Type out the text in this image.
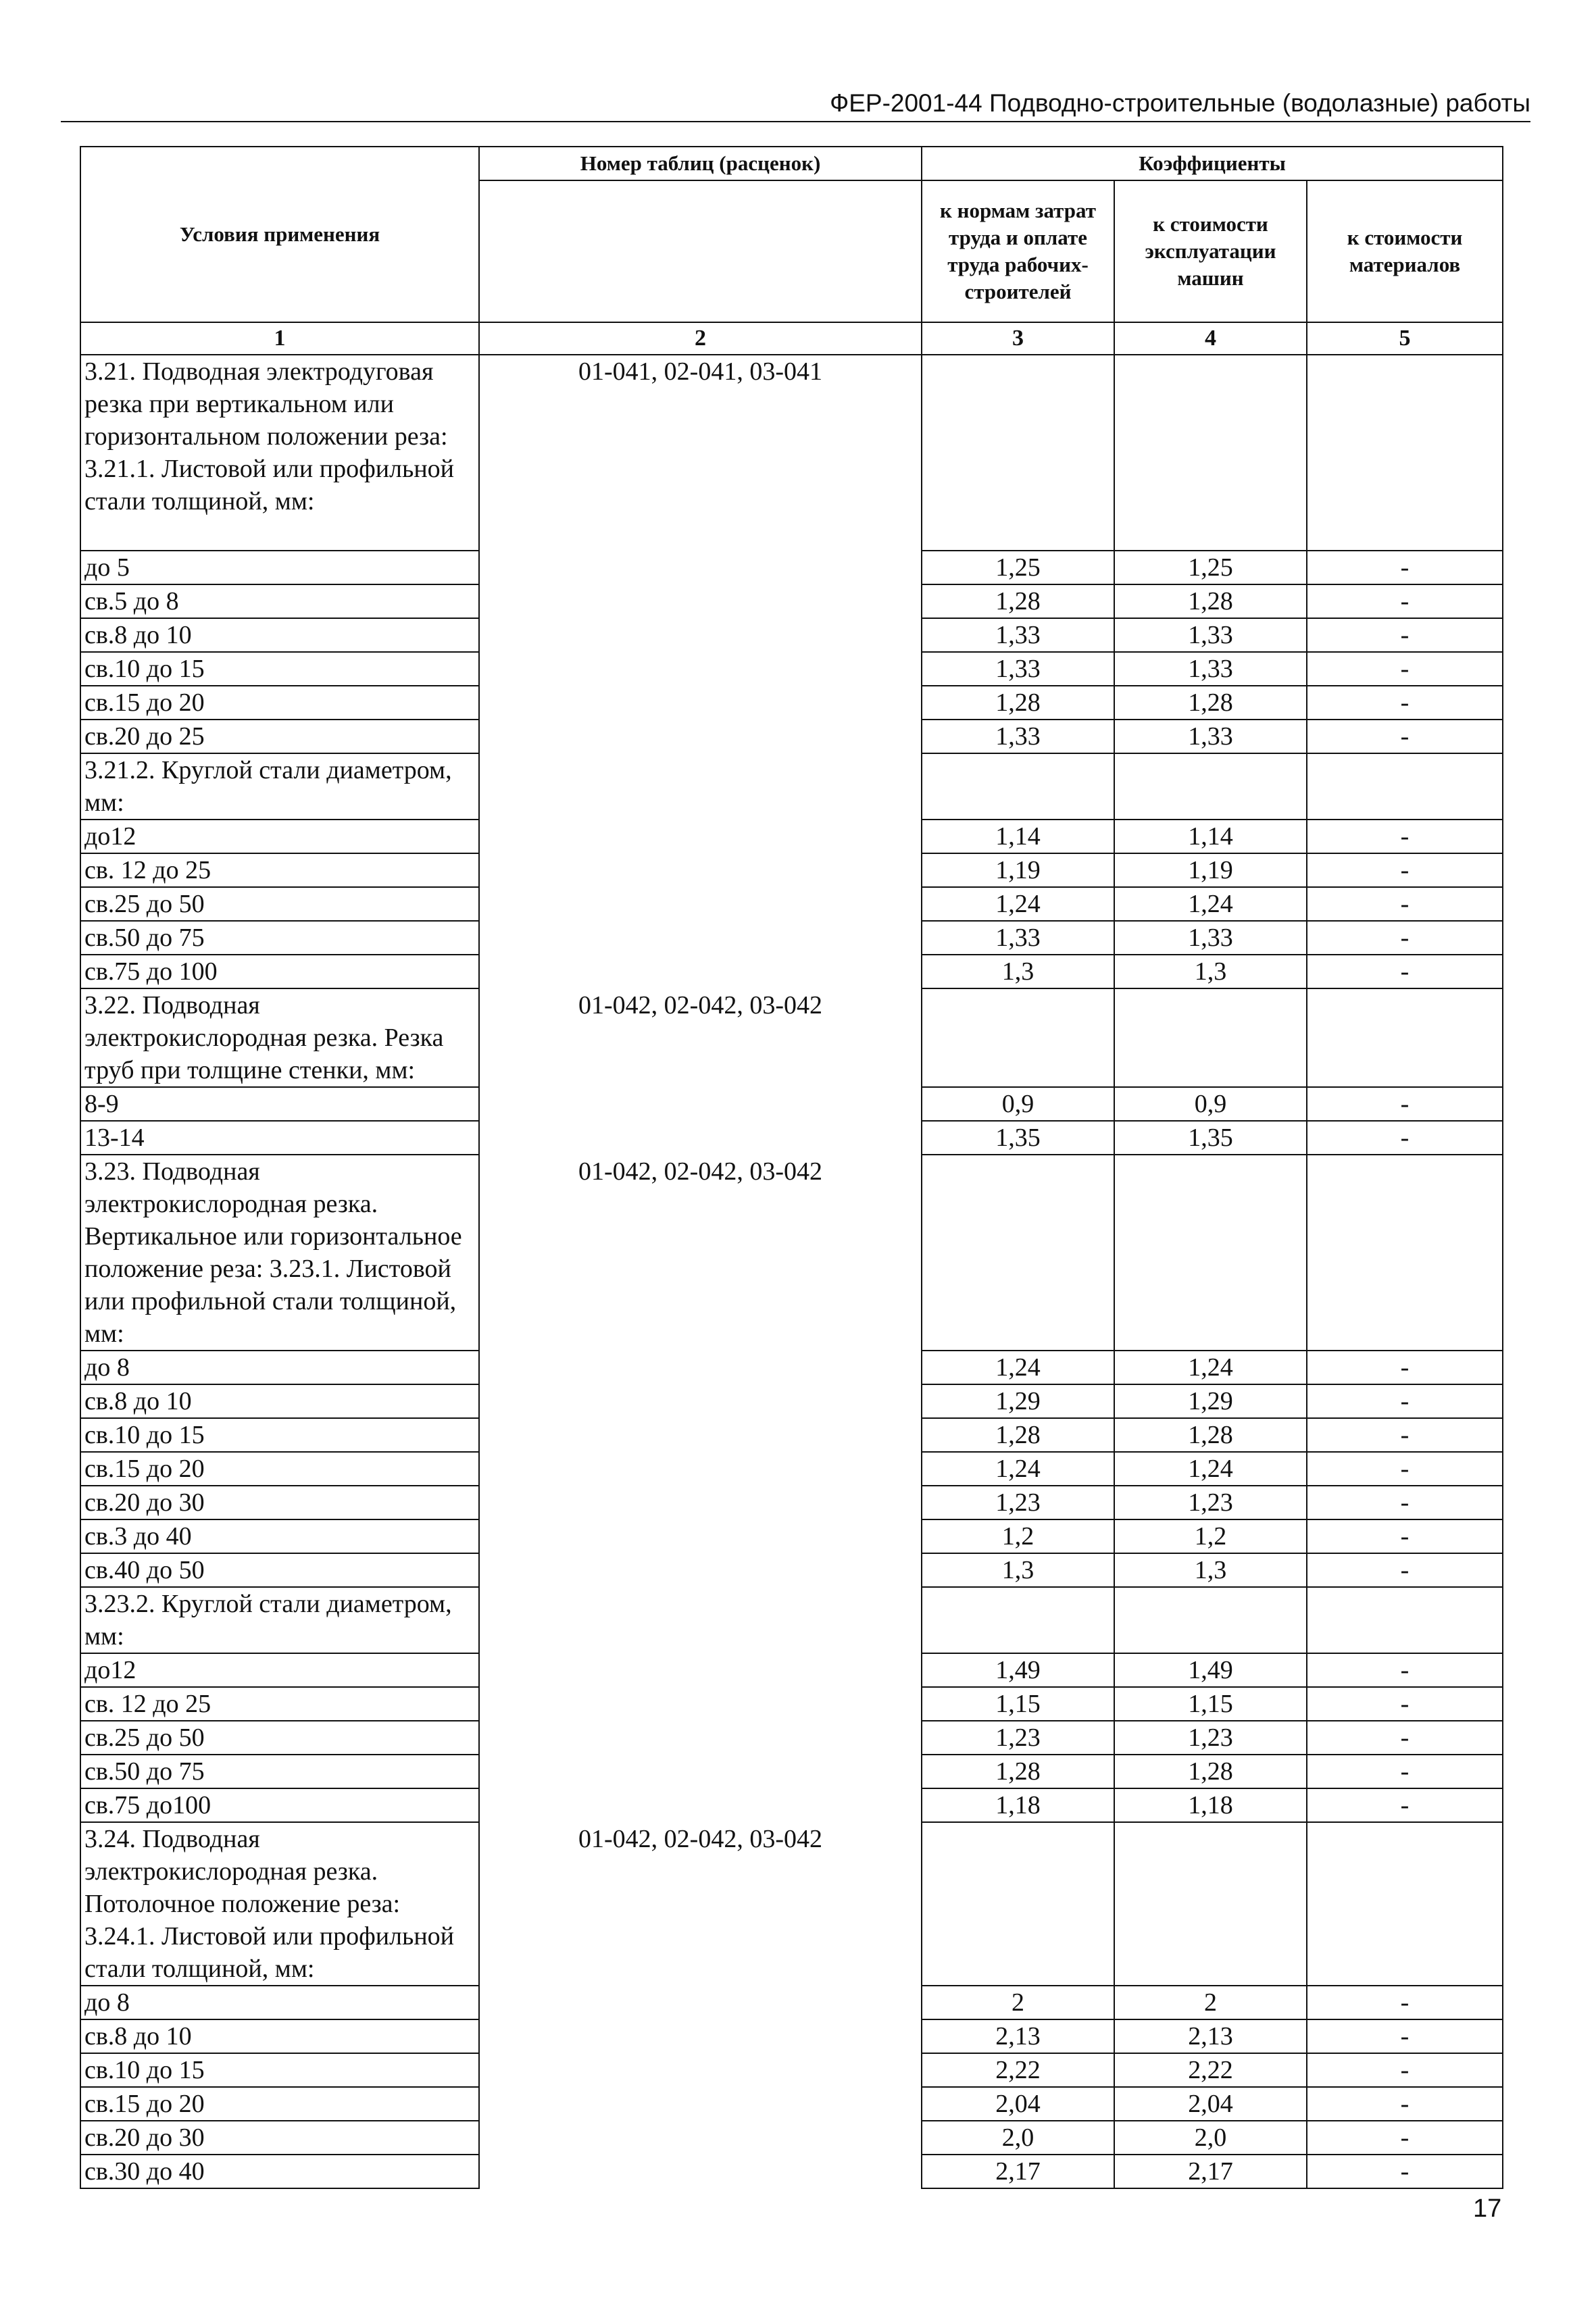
ФЕР-2001-44 Подводно-строительные (водолазные) работы
Условия применения	Номер таблиц (расценок)	Коэффициенты		
		к нормам затрат труда и оплате труда рабочих-строителей	к стоимости эксплуатации машин	к стоимости материалов
1	2	3	4	5
3.21. Подводная электродуговая резка при вертикальном или горизонтальном положении реза: 3.21.1. Листовой или профильной стали толщиной, мм:	01-041, 02-041, 03-041			
до 5		1,25	1,25	-
св.5 до 8		1,28	1,28	-
св.8 до 10		1,33	1,33	-
св.10 до 15		1,33	1,33	-
св.15 до 20		1,28	1,28	-
св.20 до 25		1,33	1,33	-
3.21.2. Круглой стали диаметром, мм:				
до12		1,14	1,14	-
св. 12 до 25		1,19	1,19	-
св.25 до 50		1,24	1,24	-
св.50 до 75		1,33	1,33	-
св.75 до 100		1,3	1,3	-
3.22. Подводная электрокислородная резка. Резка труб при толщине стенки, мм:	01-042, 02-042, 03-042			
8-9		0,9	0,9	-
13-14		1,35	1,35	-
3.23. Подводная электрокислородная резка. Вертикальное или горизонтальное положение реза: 3.23.1. Листовой или профильной стали толщиной, мм:	01-042, 02-042, 03-042			
до 8		1,24	1,24	-
св.8 до 10		1,29	1,29	-
св.10 до 15		1,28	1,28	-
св.15 до 20		1,24	1,24	-
св.20 до 30		1,23	1,23	-
св.3 до 40		1,2	1,2	-
св.40 до 50		1,3	1,3	-
3.23.2. Круглой стали диаметром, мм:				
до12		1,49	1,49	-
св. 12 до 25		1,15	1,15	-
св.25 до 50		1,23	1,23	-
св.50 до 75		1,28	1,28	-
св.75 до100		1,18	1,18	-
3.24. Подводная электрокислородная резка. Потолочное положение реза: 3.24.1. Листовой или профильной стали толщиной, мм:	01-042, 02-042, 03-042			
до 8		2	2	-
св.8 до 10		2,13	2,13	-
св.10 до 15		2,22	2,22	-
св.15 до 20		2,04	2,04	-
св.20 до 30		2,0	2,0	-
св.30 до 40		2,17	2,17	-
17
